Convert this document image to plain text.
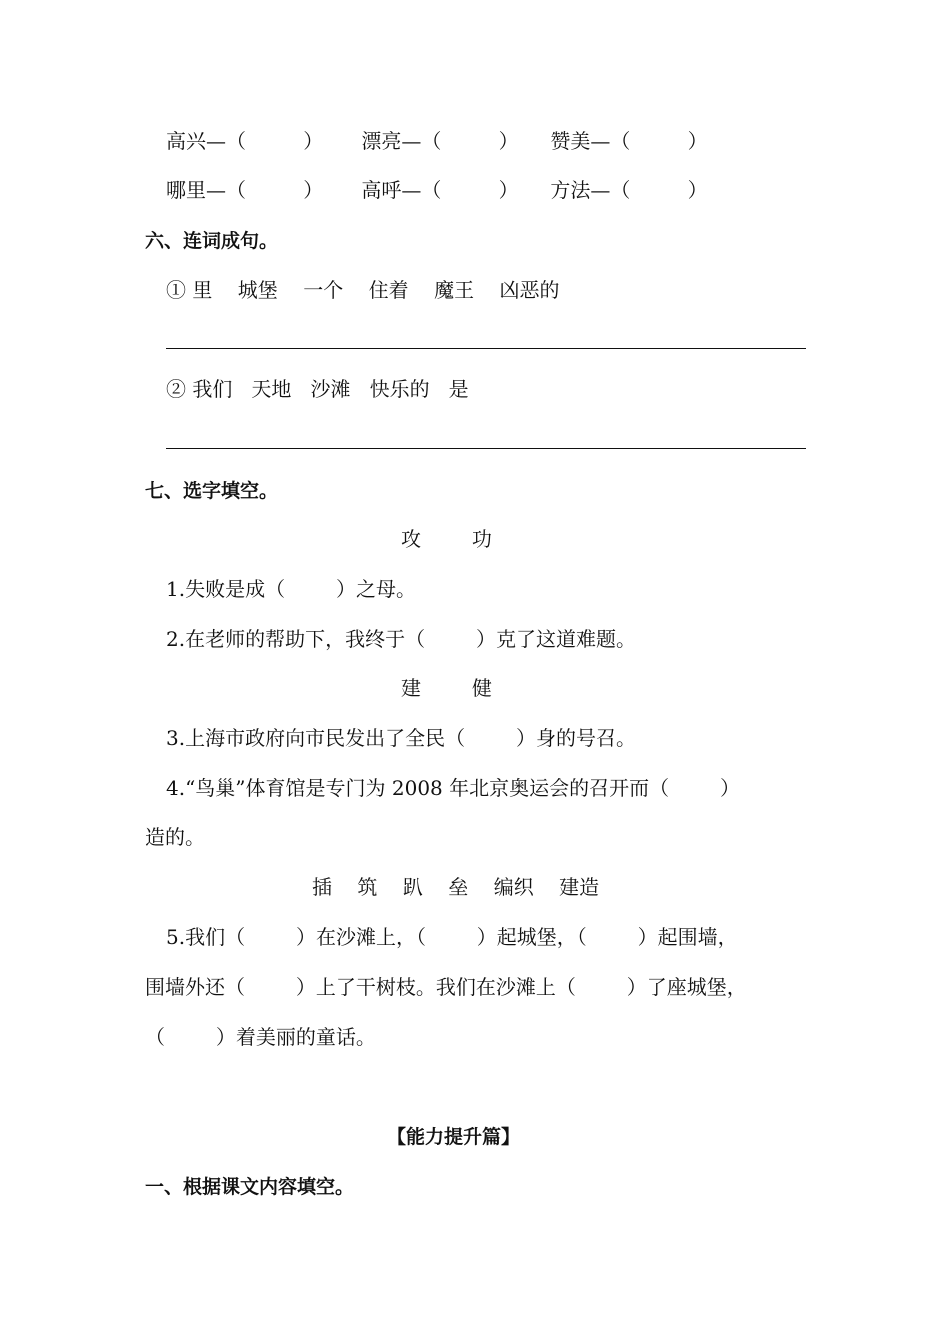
高兴—（         ）      漂亮—（         ）     赞美—（         ）
哪里—（         ）      高呼—（         ）     方法—（         ）
六、连词成句。
① 里    城堡    一个    住着    魔王    凶恶的
② 我们   天地   沙滩   快乐的   是
七、选字填空。
攻        功
1.失败是成（        ）之母。
2.在老师的帮助下，我终于（        ）克了这道难题。
建        健
3.上海市政府向市民发出了全民（        ）身的号召。
4.“鸟巢”体育馆是专门为 2008 年北京奥运会的召开而（        ）
造的。
插    筑    趴    垒    编织    建造
5.我们（        ）在沙滩上，（        ）起城堡，（        ）起围墙，
围墙外还（        ）上了干树枝。我们在沙滩上（        ）了座城堡，
（        ）着美丽的童话。
【能力提升篇】
一、根据课文内容填空。
